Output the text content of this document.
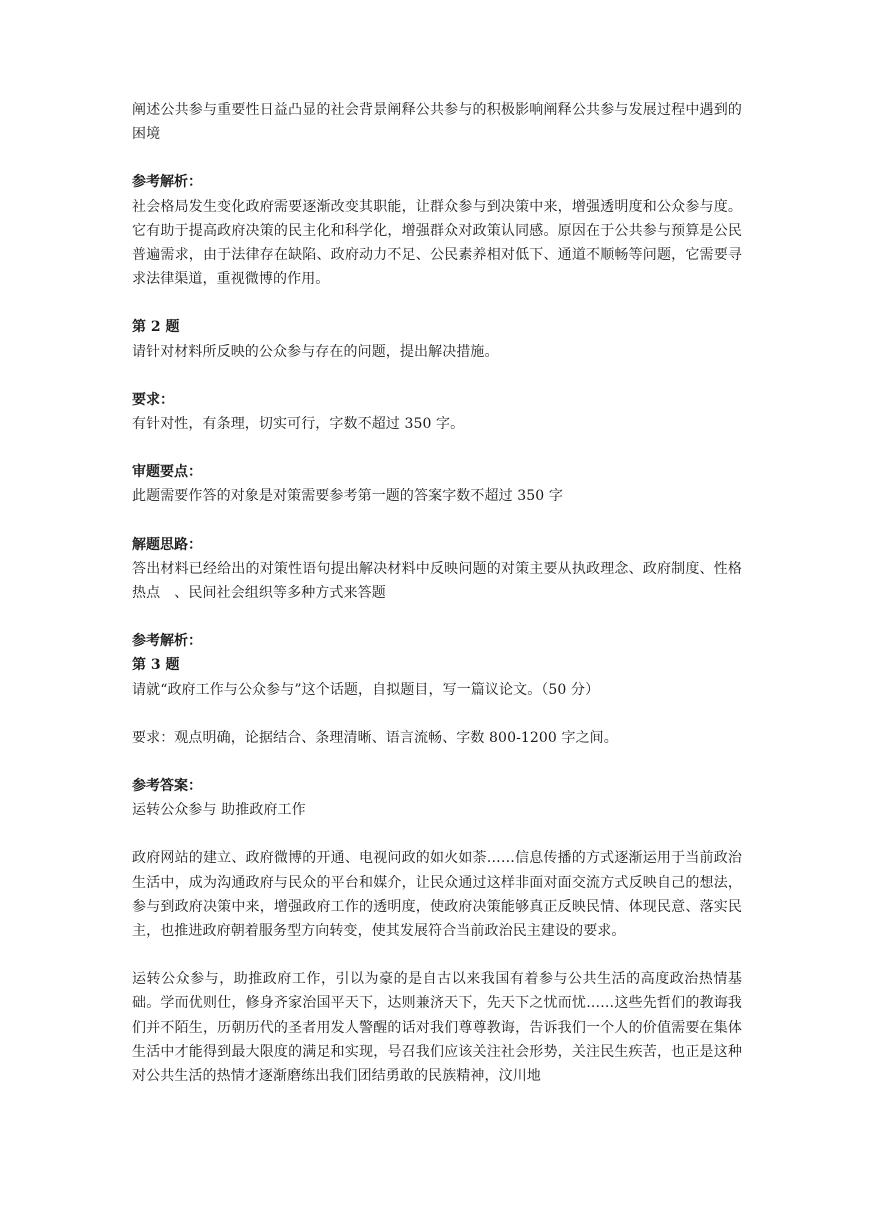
阐述公共参与重要性日益凸显的社会背景阐释公共参与的积极影响阐释公共参与发展过程中遇到的困境

参考解析：

社会格局发生变化政府需要逐渐改变其职能，让群众参与到决策中来，增强透明度和公众参与度。它有助于提高政府决策的民主化和科学化，增强群众对政策认同感。原因在于公共参与预算是公民普遍需求，由于法律存在缺陷、政府动力不足、公民素养相对低下、通道不顺畅等问题，它需要寻求法律渠道，重视微博的作用。

第 2 题

请针对材料所反映的公众参与存在的问题，提出解决措施。

要求：

有针对性，有条理，切实可行，字数不超过 350 字。

审题要点：

此题需要作答的对象是对策需要参考第一题的答案字数不超过 350 字

解题思路：

答出材料已经给出的对策性语句提出解决材料中反映问题的对策主要从执政理念、政府制度、性格热点　、民间社会组织等多种方式来答题

参考解析：

第 3 题

请就“政府工作与公众参与”这个话题，自拟题目，写一篇议论文。（50 分）

要求：观点明确，论据结合、条理清晰、语言流畅、字数 800-1200 字之间。

参考答案：

运转公众参与 助推政府工作

政府网站的建立、政府微博的开通、电视问政的如火如荼……信息传播的方式逐渐运用于当前政治生活中，成为沟通政府与民众的平台和媒介，让民众通过这样非面对面交流方式反映自己的想法，参与到政府决策中来，增强政府工作的透明度，使政府决策能够真正反映民情、体现民意、落实民主，也推进政府朝着服务型方向转变，使其发展符合当前政治民主建设的要求。

运转公众参与，助推政府工作，引以为豪的是自古以来我国有着参与公共生活的高度政治热情基础。学而优则仕，修身齐家治国平天下，达则兼济天下，先天下之忧而忧……这些先哲们的教诲我们并不陌生，历朝历代的圣者用发人警醒的话对我们尊尊教诲，告诉我们一个人的价值需要在集体生活中才能得到最大限度的满足和实现，号召我们应该关注社会形势，关注民生疾苦，也正是这种对公共生活的热情才逐渐磨练出我们团结勇敢的民族精神，汶川地
